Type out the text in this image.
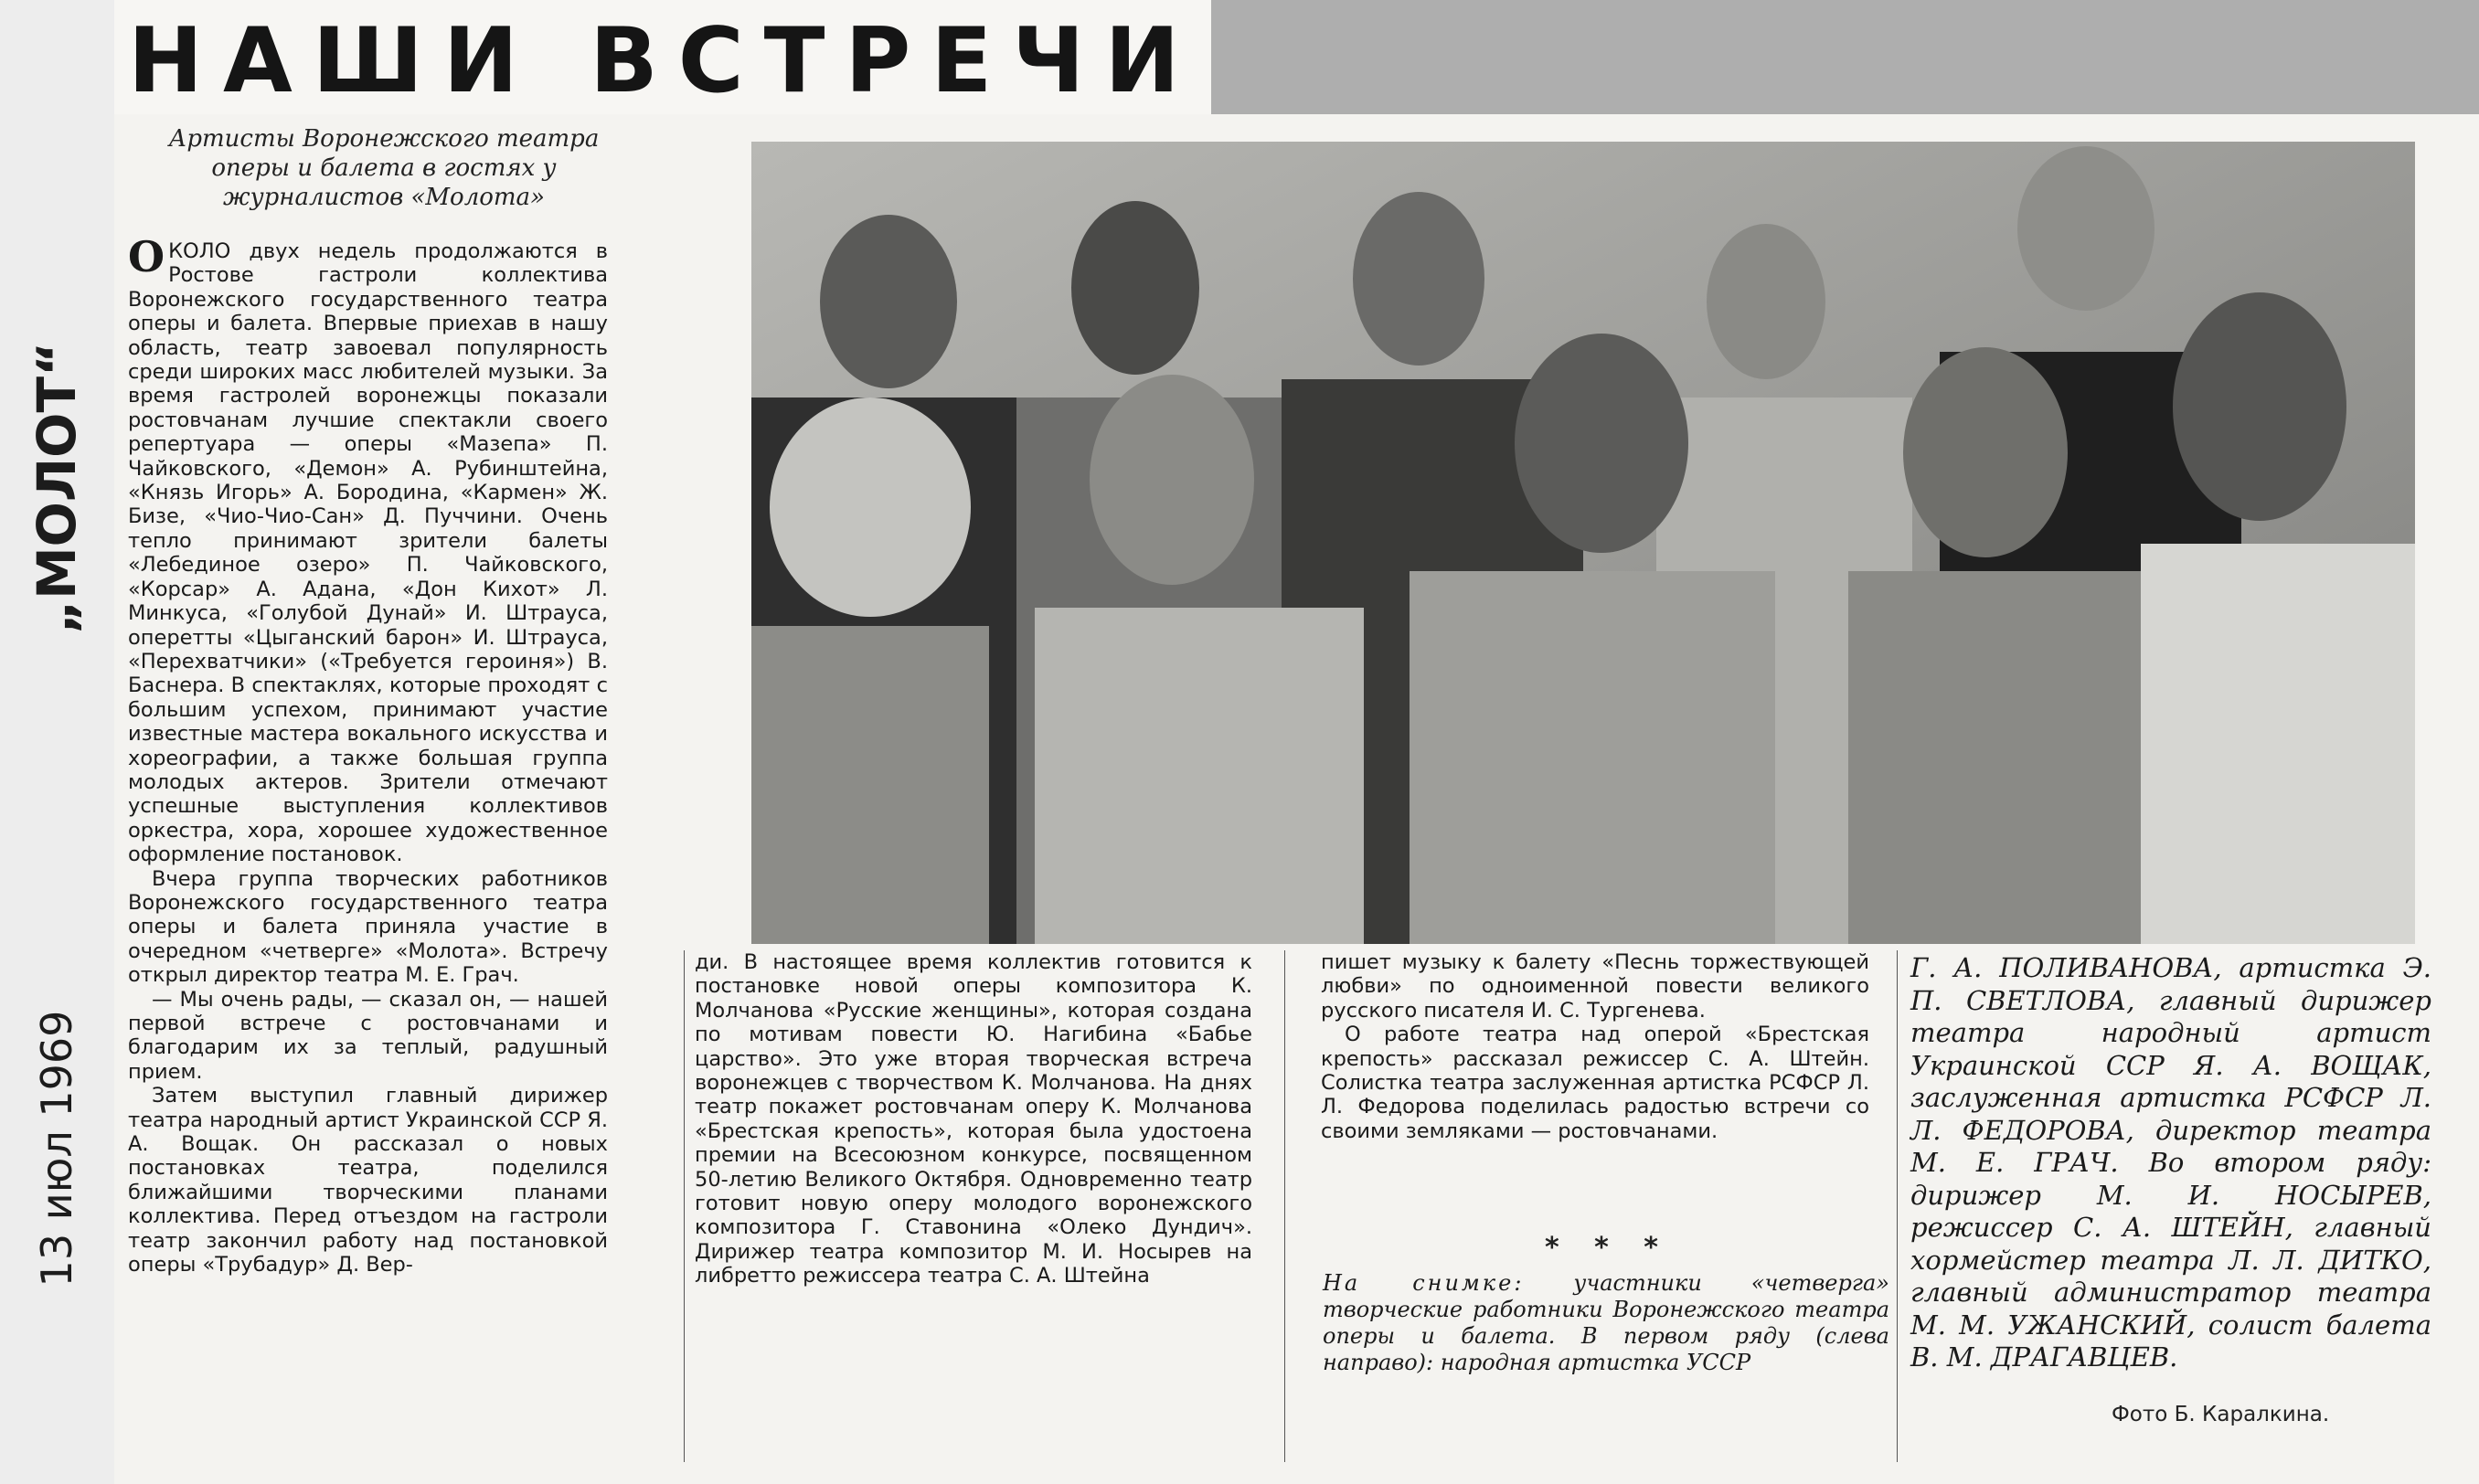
„МОЛОТ“
13 июл 1969
НАШИ ВСТРЕЧИ
Артисты Воронежского театра оперы и балета в гостях у журналистов «Молота»

ОКОЛО двух недель продолжаются в Ростове гастроли коллектива Воронежского государственного театра оперы и балета. Впервые приехав в нашу область, театр завоевал популярность среди широких масс любителей музыки. За время гастролей воронежцы показали ростовчанам лучшие спектакли своего репертуара — оперы «Мазепа» П. Чайковского, «Демон» А. Рубинштейна, «Князь Игорь» А. Бородина, «Кармен» Ж. Бизе, «Чио-Чио-Сан» Д. Пуччини. Очень тепло принимают зрители балеты «Лебединое озеро» П. Чайковского, «Корсар» А. Адана, «Дон Кихот» Л. Минкуса, «Голубой Дунай» И. Штрауса, оперетты «Цыганский барон» И. Штрауса, «Перехватчики» («Требуется героиня») В. Баснера. В спектаклях, которые проходят с большим успехом, принимают участие известные мастера вокального искусства и хореографии, а также большая группа молодых актеров. Зрители отмечают успешные выступления коллективов оркестра, хора, хорошее художественное оформление постановок.

Вчера группа творческих работников Воронежского государственного театра оперы и балета приняла участие в очередном «четверге» «Молота». Встречу открыл директор театра М. Е. Грач.

— Мы очень рады, — сказал он, — нашей первой встрече с ростовчанами и благодарим их за теплый, радушный прием.

Затем выступил главный дирижер театра народный артист Украинской ССР Я. А. Вощак. Он рассказал о новых постановках театра, поделился ближайшими творческими планами коллектива. Перед отъездом на гастроли театр закончил работу над постановкой оперы «Трубадур» Д. Вер-

ди. В настоящее время коллектив готовится к постановке новой оперы композитора К. Молчанова «Русские женщины», которая создана по мотивам повести Ю. Нагибина «Бабье царство». Это уже вторая творческая встреча воронежцев с творчеством К. Молчанова. На днях театр покажет ростовчанам оперу К. Молчанова «Брестская крепость», которая была удостоена премии на Всесоюзном конкурсе, посвященном 50-летию Великого Октября. Одновременно театр готовит новую оперу молодого воронежского композитора Г. Ставонина «Олеко Дундич». Дирижер театра композитор М. И. Носырев на либретто режиссера театра С. А. Штейна

пишет музыку к балету «Песнь торжествующей любви» по одноименной повести великого русского писателя И. С. Тургенева.

О работе театра над оперой «Брестская крепость» рассказал режиссер С. А. Штейн. Солистка театра заслуженная артистка РСФСР Л. Л. Федорова поделилась радостью встречи со своими земляками — ростовчанами.

* * *
На снимке: участники «четверга» творческие работники Воронежского театра оперы и балета. В первом ряду (слева направо): народная артистка УССР
Г. А. ПОЛИВАНОВА, артистка Э. П. СВЕТЛОВА, главный дирижер театра народный артист Украинской ССР Я. А. ВОЩАК, заслуженная артистка РСФСР Л. Л. ФЕДОРОВА, директор театра М. Е. ГРАЧ. Во втором ряду: дирижер М. И. НОСЫРЕВ, режиссер С. А. ШТЕЙН, главный хормейстер театра Л. Л. ДИТКО, главный администратор театра М. М. УЖАНСКИЙ, солист балета В. М. ДРАГАВЦЕВ.
Фото Б. Каралкина.
